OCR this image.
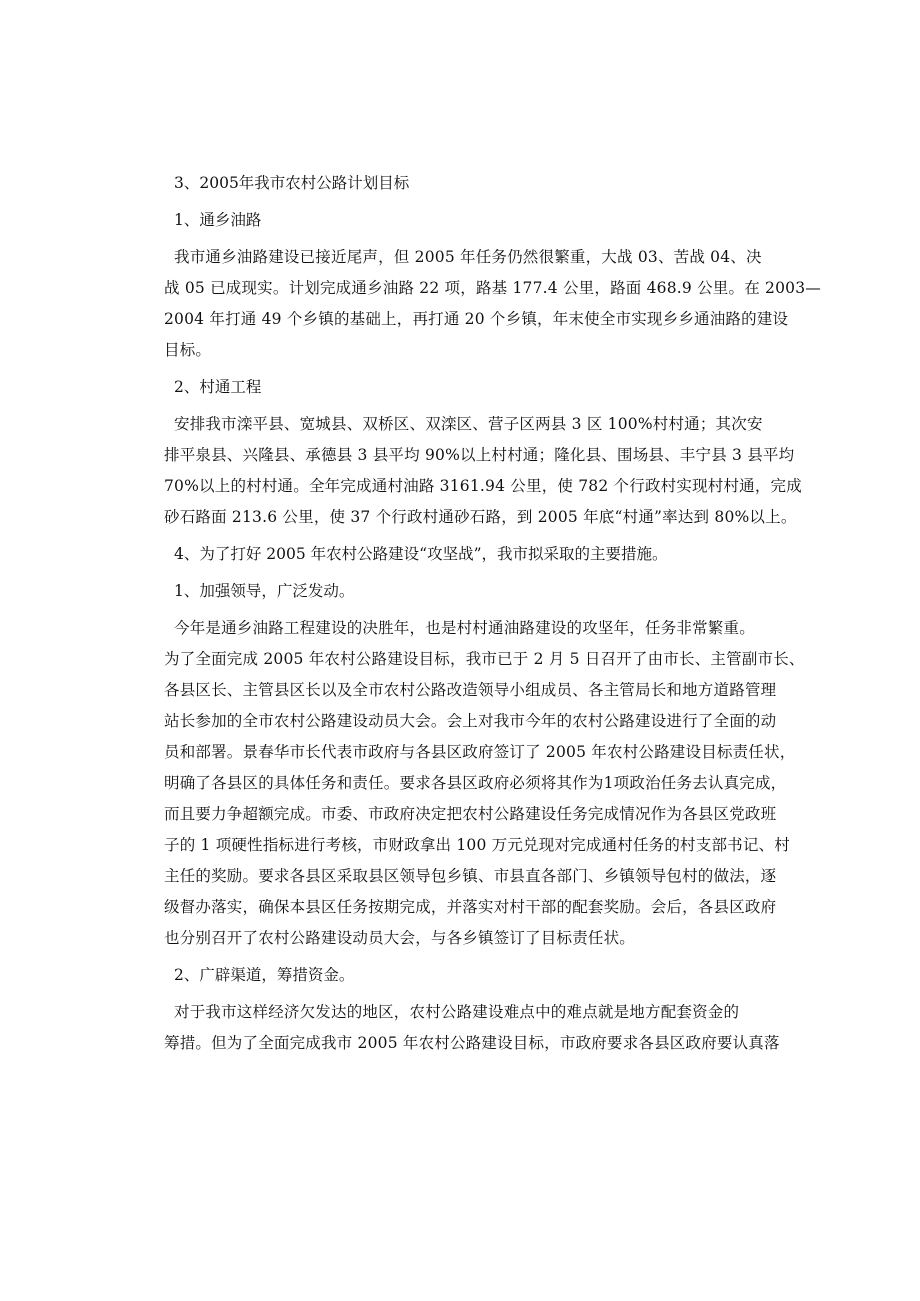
3、2005年我市农村公路计划目标

1、通乡油路

我市通乡油路建设已接近尾声，但 2005 年任务仍然很繁重，大战 03、苦战 04、决
战 05 已成现实。计划完成通乡油路 22 项，路基 177.4 公里，路面 468.9 公里。在 2003—
2004 年打通 49 个乡镇的基础上，再打通 20 个乡镇，年末使全市实现乡乡通油路的建设
目标。

2、村通工程

安排我市滦平县、宽城县、双桥区、双滦区、营子区两县 3 区 100%村村通；其次安
排平泉县、兴隆县、承德县 3 县平均 90%以上村村通；隆化县、围场县、丰宁县 3 县平均
70%以上的村村通。全年完成通村油路 3161.94 公里，使 782 个行政村实现村村通，完成
砂石路面 213.6 公里，使 37 个行政村通砂石路，到 2005 年底“村通”率达到 80%以上。

4、为了打好 2005 年农村公路建设“攻坚战”，我市拟采取的主要措施。

1、加强领导，广泛发动。

今年是通乡油路工程建设的决胜年，也是村村通油路建设的攻坚年，任务非常繁重。
为了全面完成 2005 年农村公路建设目标，我市已于 2 月 5 日召开了由市长、主管副市长、
各县区长、主管县区长以及全市农村公路改造领导小组成员、各主管局长和地方道路管理
站长参加的全市农村公路建设动员大会。会上对我市今年的农村公路建设进行了全面的动
员和部署。景春华市长代表市政府与各县区政府签订了 2005 年农村公路建设目标责任状，
明确了各县区的具体任务和责任。要求各县区政府必须将其作为1项政治任务去认真完成，
而且要力争超额完成。市委、市政府决定把农村公路建设任务完成情况作为各县区党政班
子的 1 项硬性指标进行考核，市财政拿出 100 万元兑现对完成通村任务的村支部书记、村
主任的奖励。要求各县区采取县区领导包乡镇、市县直各部门、乡镇领导包村的做法，逐
级督办落实，确保本县区任务按期完成，并落实对村干部的配套奖励。会后，各县区政府
也分别召开了农村公路建设动员大会，与各乡镇签订了目标责任状。

2、广辟渠道，筹措资金。

对于我市这样经济欠发达的地区，农村公路建设难点中的难点就是地方配套资金的
筹措。但为了全面完成我市 2005 年农村公路建设目标，市政府要求各县区政府要认真落
